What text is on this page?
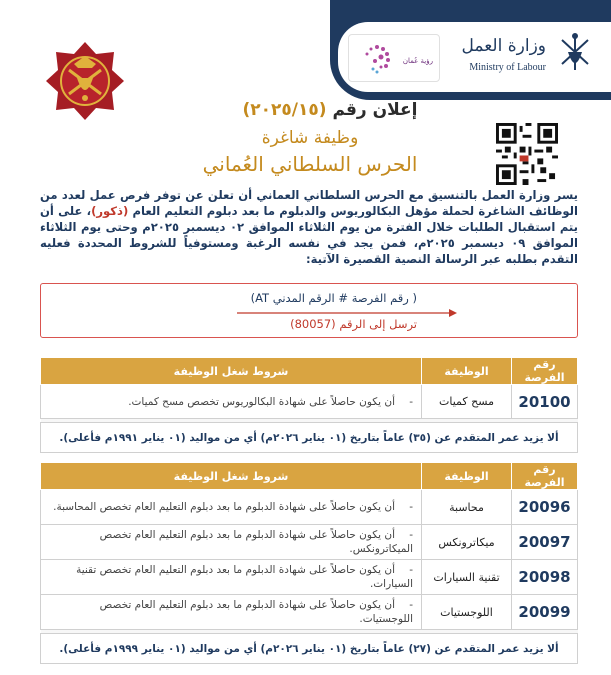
وزارة العمل
Ministry of Labour
رؤية عُمان
إعلان رقم (٢٠٢٥/١٥)
وظيفة شاغرة
الحرس السلطاني العُماني
يسر وزارة العمل بالتنسيق مع الحرس السلطاني العماني أن تعلن عن توفر فرص عمل لعدد من الوظائف الشاغرة لحملة مؤهل البكالوريوس والدبلوم ما بعد دبلوم التعليم العام (ذكور)، على أن يتم استقبال الطلبات خلال الفترة من يوم الثلاثاء الموافق ٠٢ ديسمبر ٢٠٢٥م وحتى يوم الثلاثاء الموافق ٠٩ ديسمبر ٢٠٢٥م، فمن يجد في نفسه الرغبة ومستوفياً للشروط المحددة فعليه التقدم بطلبه عبر الرسالة النصية القصيرة الآتية:
( رقم الفرصة # الرقم المدني AT)
ترسل إلى الرقم (80057)
رقم الفرصة	الوظيفة	شروط شغل الوظيفة
20100	مسح كميات	-أن يكون حاصلاً على شهادة البكالوريوس تخصص مسح كميات.

ألا يزيد عمر المتقدم عن (٣٥) عاماً بتاريخ (٠١ يناير ٢٠٢٦م) أي من مواليد (٠١ يناير ١٩٩١م فأعلى).		
رقم الفرصة	الوظيفة	شروط شغل الوظيفة
20096	محاسبة	-أن يكون حاصلاً على شهادة الدبلوم ما بعد دبلوم التعليم العام تخصص المحاسبة.
20097	ميكاترونكس	-أن يكون حاصلاً على شهادة الدبلوم ما بعد دبلوم التعليم العام تخصص الميكاترونكس.
20098	تقنية السيارات	-أن يكون حاصلاً على شهادة الدبلوم ما بعد دبلوم التعليم العام تخصص تقنية السيارات.
20099	اللوجستيات	-أن يكون حاصلاً على شهادة الدبلوم ما بعد دبلوم التعليم العام تخصص اللوجستيات.

ألا يزيد عمر المتقدم عن (٢٧) عاماً بتاريخ (٠١ يناير ٢٠٢٦م) أي من مواليد (٠١ يناير ١٩٩٩م فأعلى).		
